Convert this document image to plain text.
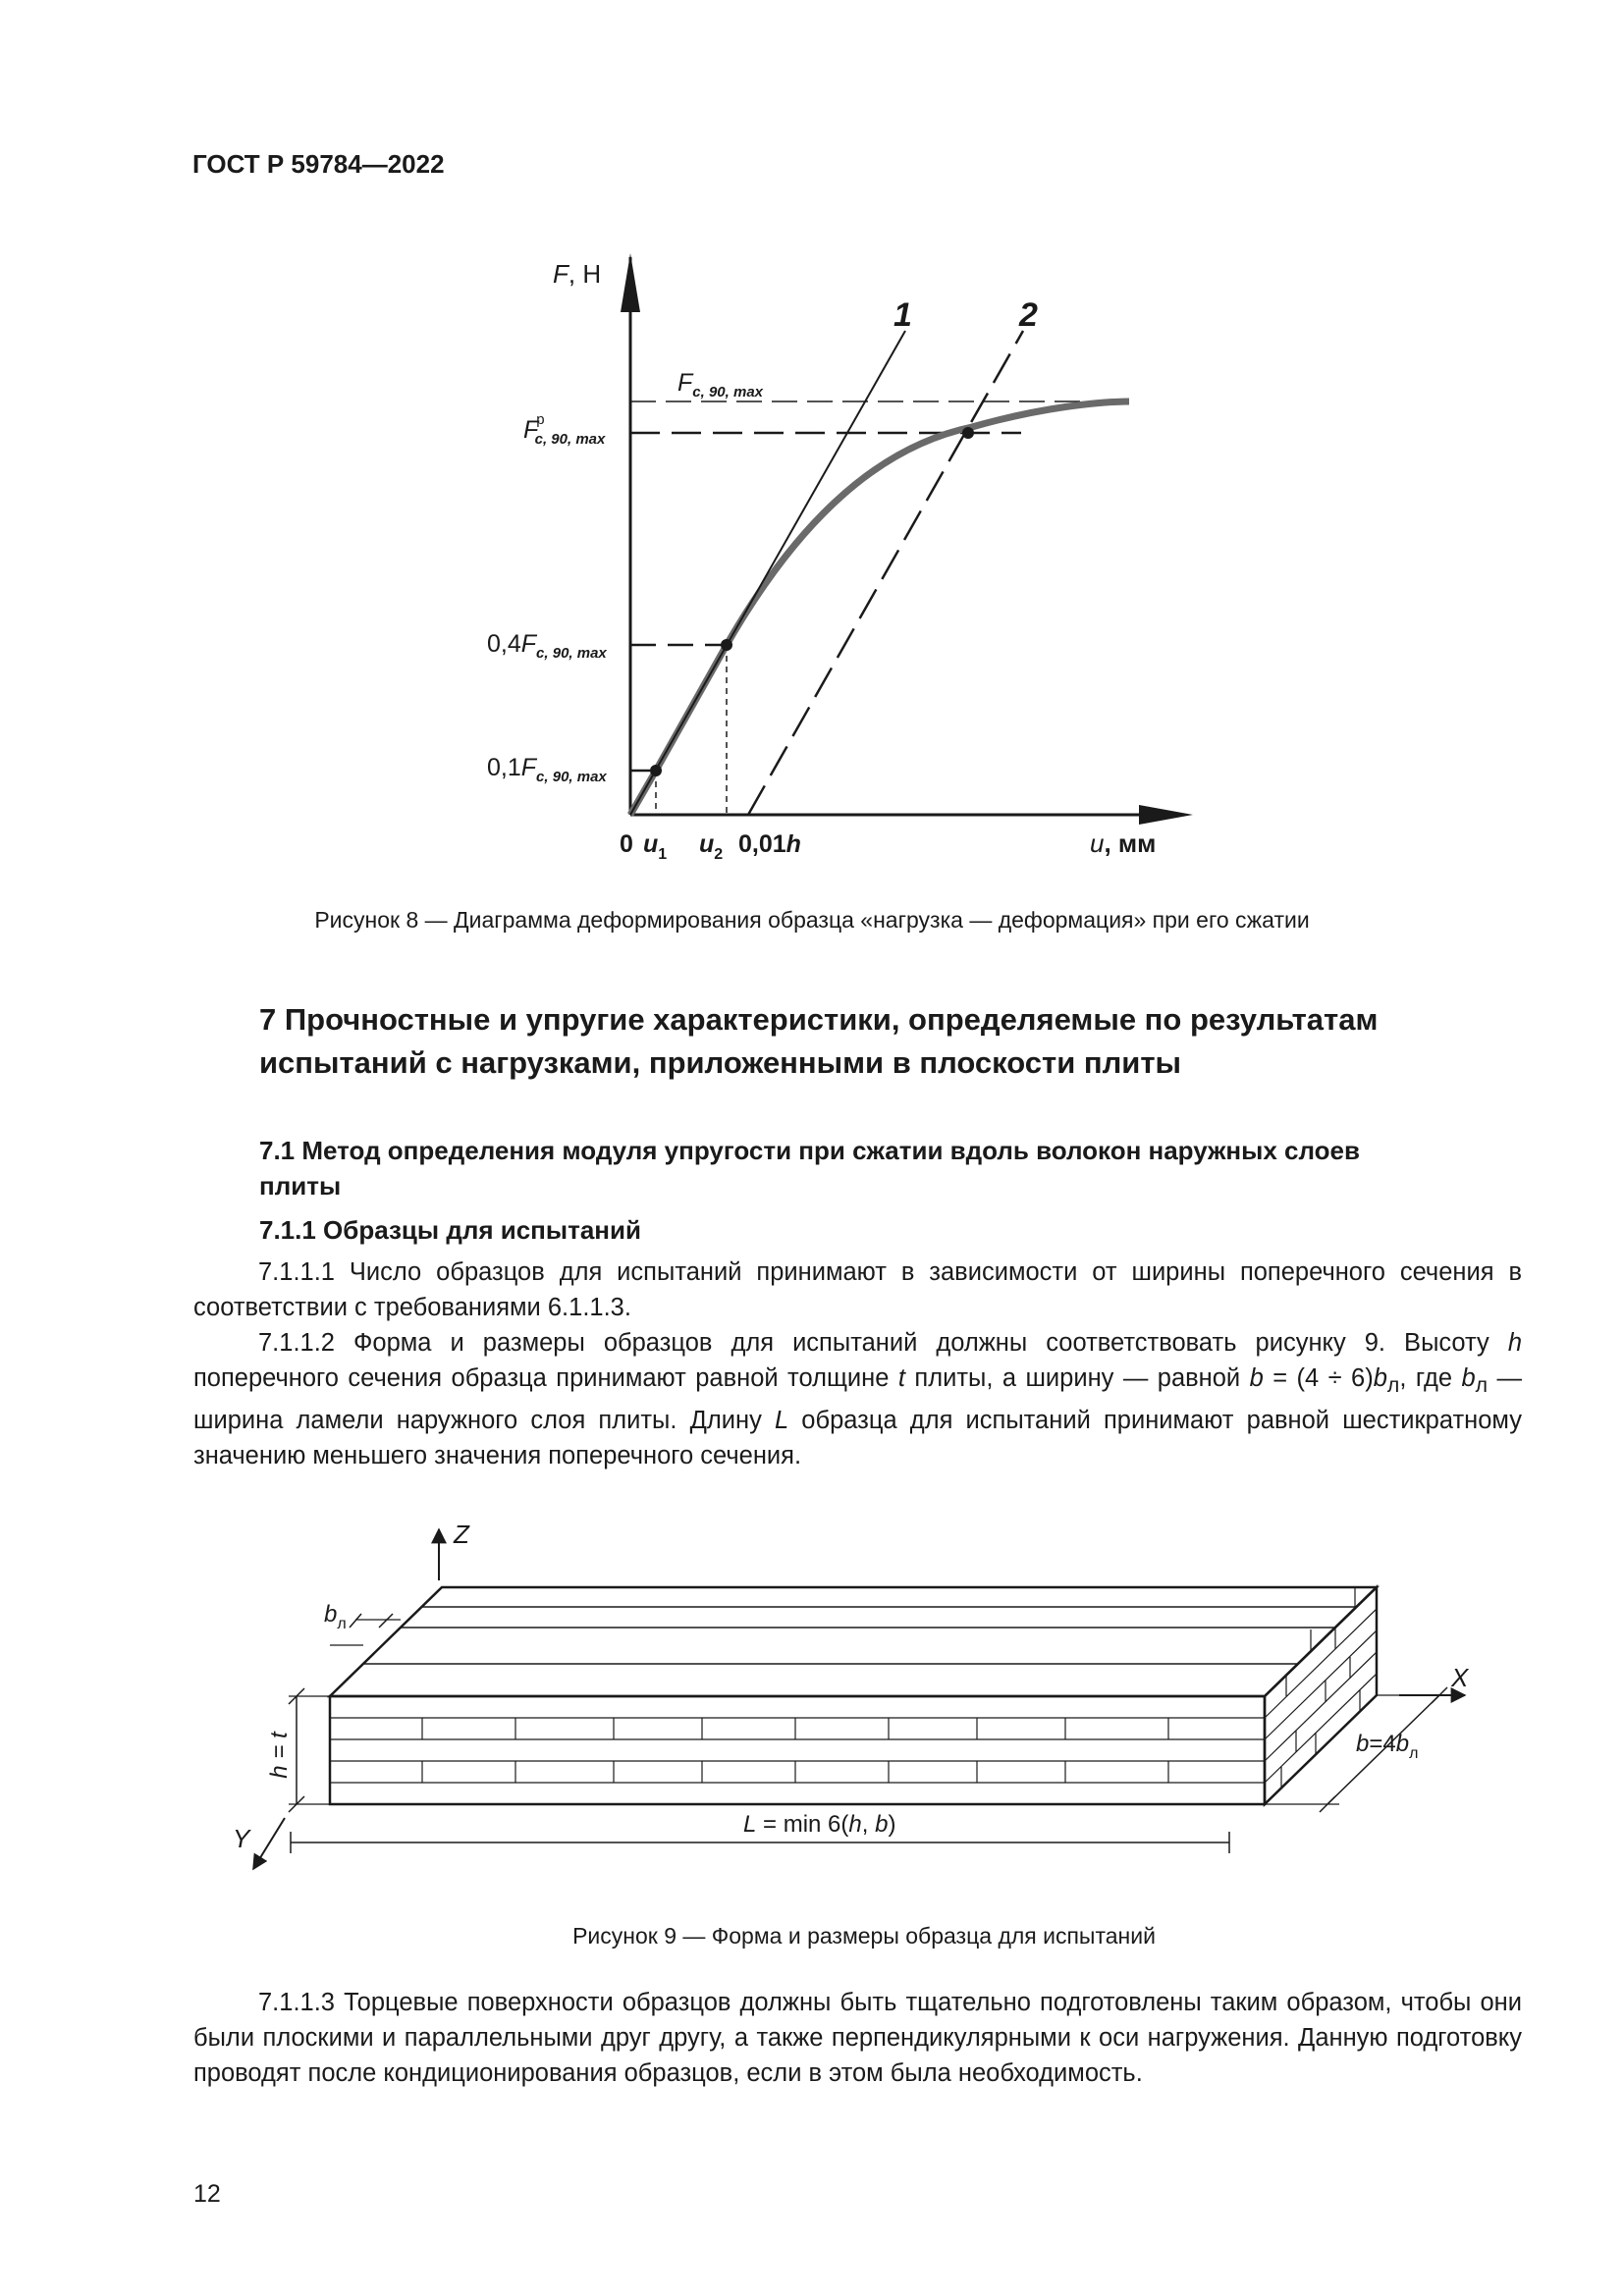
ГОСТ Р 59784—2022
F, Н
u, мм
1	2
$F_{c, 90, max}$
Fр c, 90, max
$0,4F_{c, 90, max}$
$0,1F_{c, 90, max}$
0 $u_1$ $u_2$ 0,01h
Рисунок 8 — Диаграмма деформирования образца «нагрузка — деформация» при его сжатии
Z
X
Y
$b_л$
h = t	$b=4b_л$
L = min 6(h, b)
Рисунок 9 — Форма и размеры образца для испытаний
7 Прочностные и упругие характеристики, определяемые по результатам
испытаний с нагрузками, приложенными в плоскости плиты
7.1 Метод определения модуля упругости при сжатии вдоль волокон наружных слоев
плиты
7.1.1 Образцы для испытаний

7.1.1.1 Число образцов для испытаний принимают в зависимости от ширины поперечного сечения в соответствии с требованиями 6.1.1.3.

7.1.1.2 Форма и размеры образцов для испытаний должны соответствовать рисунку 9. Высоту h поперечного сечения образца принимают равной толщине t плиты, а ширину — равной $b = (4 \div 6)b_л$, где $b_л$ — ширина ламели наружного слоя плиты. Длину L образца для испытаний принимают равной шестикратному значению меньшего значения поперечного сечения.

7.1.1.3 Торцевые поверхности образцов должны быть тщательно подготовлены таким образом, чтобы они были плоскими и параллельными друг другу, а также перпендикулярными к оси нагружения. Данную подготовку проводят после кондиционирования образцов, если в этом была необходимость.

12
